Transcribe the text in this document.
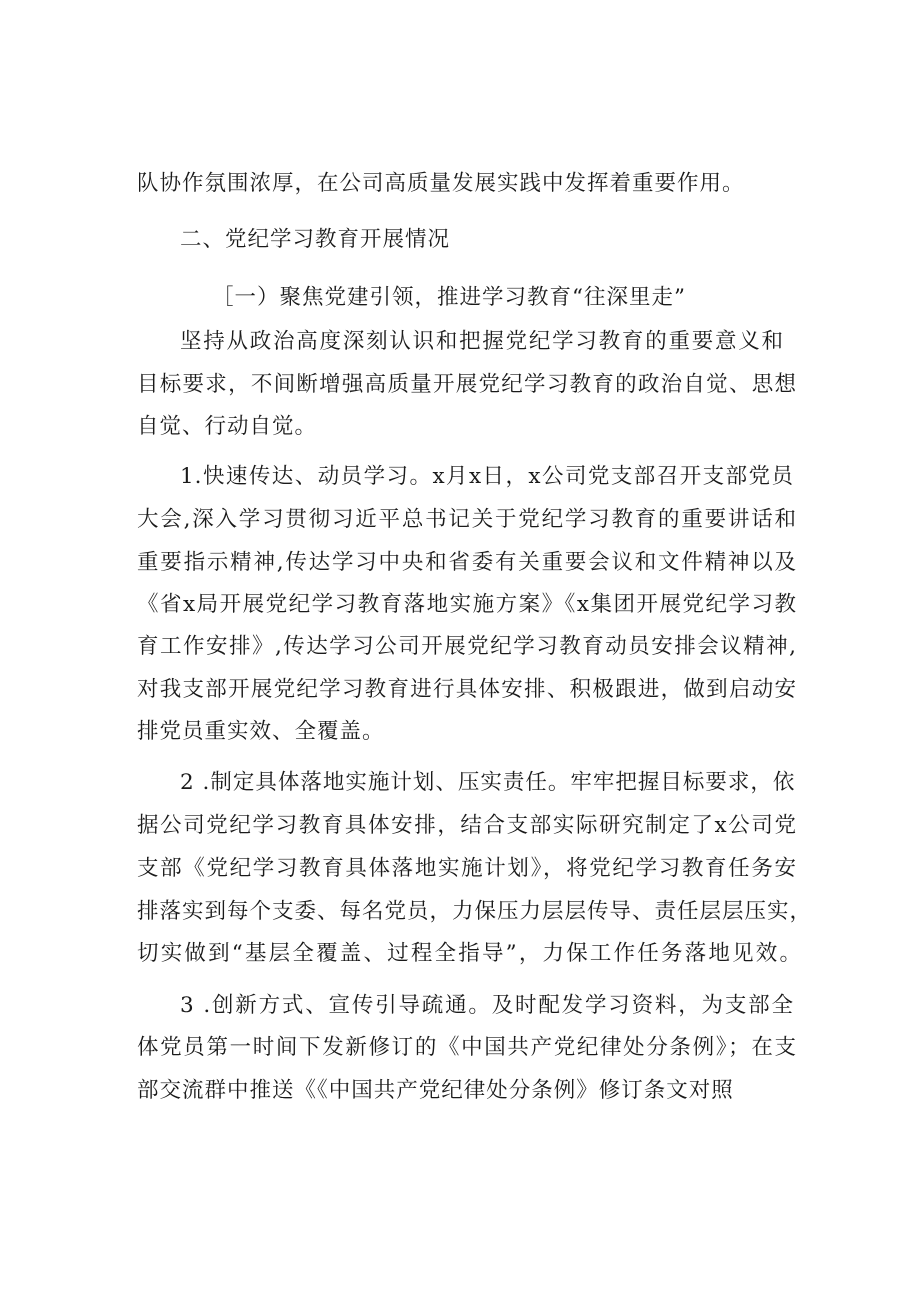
队协作氛围浓厚，在公司高质量发展实践中发挥着重要作用。
二、党纪学习教育开展情况
［一）聚焦党建引领，推进学习教育“往深里走”
坚持从政治高度深刻认识和把握党纪学习教育的重要意义和
目标要求，不间断增强高质量开展党纪学习教育的政治自觉、思想
自觉、行动自觉。
1.快速传达、动员学习。x月x日，x公司党支部召开支部党员
大会,深入学习贯彻习近平总书记关于党纪学习教育的重要讲话和
重要指示精神,传达学习中央和省委有关重要会议和文件精神以及
《省x局开展党纪学习教育落地实施方案》《x集团开展党纪学习教
育工作安排》,传达学习公司开展党纪学习教育动员安排会议精神,
对我支部开展党纪学习教育进行具体安排、积极跟进，做到启动安
排党员重实效、全覆盖。
2 .制定具体落地实施计划、压实责任。牢牢把握目标要求，依
据公司党纪学习教育具体安排，结合支部实际研究制定了x公司党
支部《党纪学习教育具体落地实施计划》，将党纪学习教育任务安
排落实到每个支委、每名党员，力保压力层层传导、责任层层压实，
切实做到“基层全覆盖、过程全指导”，力保工作任务落地见效。
3 .创新方式、宣传引导疏通。及时配发学习资料，为支部全
体党员第一时间下发新修订的《中国共产党纪律处分条例》；在支
部交流群中推送《《中国共产党纪律处分条例》修订条文对照
